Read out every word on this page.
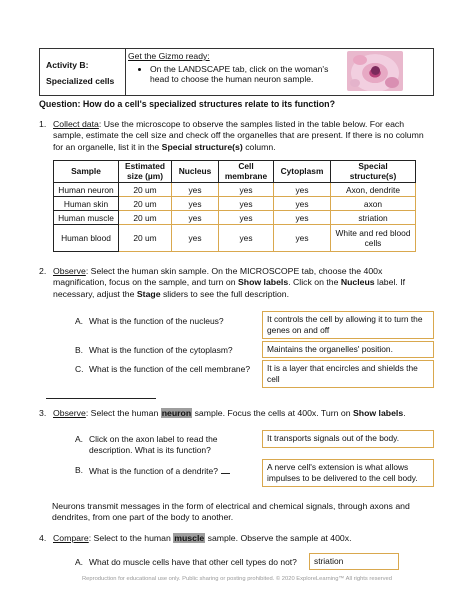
Activity B:
Specialized cells
Get the Gizmo ready:
• On the LANDSCAPE tab, click on the woman's head to choose the human neuron sample.
Question: How do a cell's specialized structures relate to its function?
1. Collect data: Use the microscope to observe the samples listed in the table below. For each sample, estimate the cell size and check off the organelles that are present. If there is no column for an organelle, list it in the Special structure(s) column.
Sample	Estimated size (µm)	Nucleus	Cell membrane	Cytoplasm	Special structure(s)
Human neuron	20 um	yes	yes	yes	Axon, dendrite
Human skin	20 um	yes	yes	yes	axon
Human muscle	20 um	yes	yes	yes	striation
Human blood	20 um	yes	yes	yes	White and red blood cells
2. Observe: Select the human skin sample. On the MICROSCOPE tab, choose the 400x magnification, focus on the sample, and turn on Show labels. Click on the Nucleus label. If necessary, adjust the Stage sliders to see the full description.
A. What is the function of the nucleus?	It controls the cell by allowing it to turn the genes on and off
B. What is the function of the cytoplasm?	Maintains the organelles' position.
C. What is the function of the cell membrane?	It is a layer that encircles and shields the cell
3. Observe: Select the human neuron sample. Focus the cells at 400x. Turn on Show labels.
A. Click on the axon label to read the description. What is its function?
It transports signals out of the body.
B. What is the function of a dendrite?	A nerve cell's extension is what allows impulses to be delivered to the cell body.
Neurons transmit messages in the form of electrical and chemical signals, through axons and dendrites, from one part of the body to another.
4. Compare: Select to the human muscle sample. Observe the sample at 400x.
A. What do muscle cells have that other cell types do not?	striation
Reproduction for educational use only. Public sharing or posting prohibited. © 2020 ExploreLearning™ All rights reserved
